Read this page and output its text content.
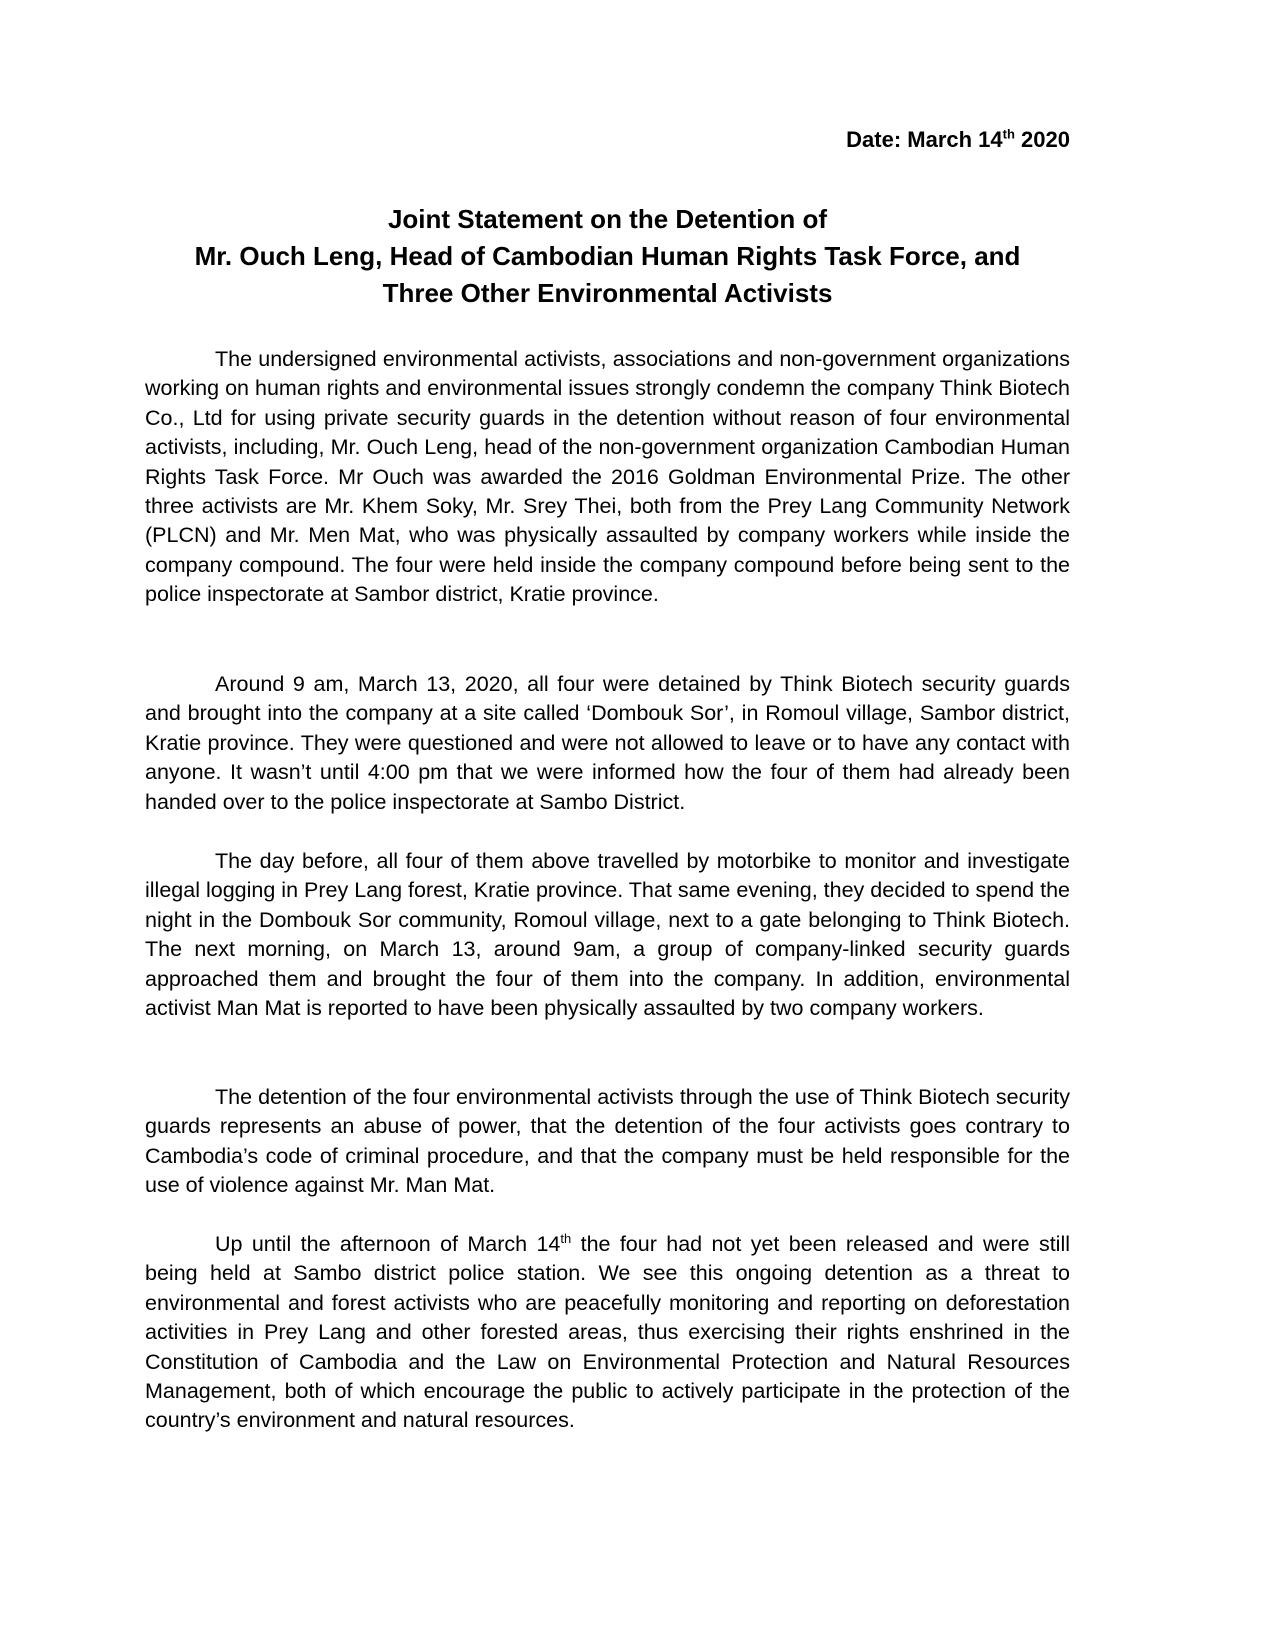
Date: March 14th 2020
Joint Statement on the Detention of
Mr. Ouch Leng, Head of Cambodian Human Rights Task Force, and
Three Other Environmental Activists

The undersigned environmental activists, associations and non-government organizations working on human rights and environmental issues strongly condemn the company Think Biotech Co., Ltd for using private security guards in the detention without reason of four environmental activists, including, Mr. Ouch Leng, head of the non-government organization Cambodian Human Rights Task Force. Mr Ouch was awarded the 2016 Goldman Environmental Prize. The other three activists are Mr. Khem Soky, Mr. Srey Thei, both from the Prey Lang Community Network (PLCN) and Mr. Men Mat, who was physically assaulted by company workers while inside the company compound. The four were held inside the company compound before being sent to the police inspectorate at Sambor district, Kratie province.

Around 9 am, March 13, 2020, all four were detained by Think Biotech security guards and brought into the company at a site called ‘Dombouk Sor’, in Romoul village, Sambor district, Kratie province. They were questioned and were not allowed to leave or to have any contact with anyone. It wasn’t until 4:00 pm that we were informed how the four of them had already been handed over to the police inspectorate at Sambo District.

The day before, all four of them above travelled by motorbike to monitor and investigate illegal logging in Prey Lang forest, Kratie province. That same evening, they decided to spend the night in the Dombouk Sor community, Romoul village, next to a gate belonging to Think Biotech. The next morning, on March 13, around 9am, a group of company-linked security guards approached them and brought the four of them into the company. In addition, environmental activist Man Mat is reported to have been physically assaulted by two company workers.

The detention of the four environmental activists through the use of Think Biotech security guards represents an abuse of power, that the detention of the four activists goes contrary to Cambodia’s code of criminal procedure, and that the company must be held responsible for the use of violence against Mr. Man Mat.

Up until the afternoon of March 14th the four had not yet been released and were still being held at Sambo district police station. We see this ongoing detention as a threat to environmental and forest activists who are peacefully monitoring and reporting on deforestation activities in Prey Lang and other forested areas, thus exercising their rights enshrined in the Constitution of Cambodia and the Law on Environmental Protection and Natural Resources Management, both of which encourage the public to actively participate in the protection of the country’s environment and natural resources.
